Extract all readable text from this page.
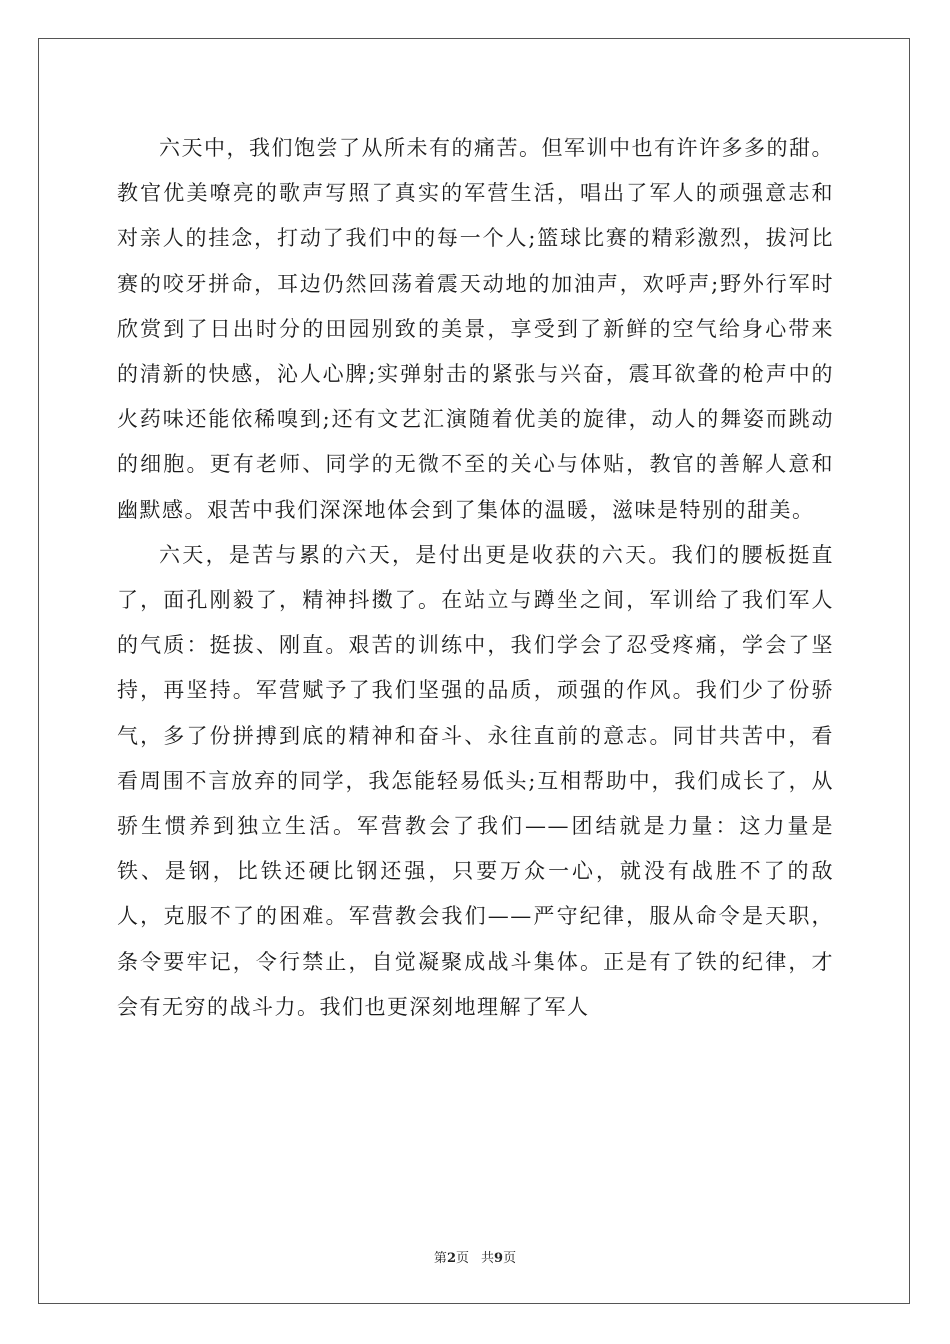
六天中，我们饱尝了从所未有的痛苦。但军训中也有许许多多的甜。教官优美嘹亮的歌声写照了真实的军营生活，唱出了军人的顽强意志和对亲人的挂念，打动了我们中的每一个人;篮球比赛的精彩激烈，拔河比赛的咬牙拼命，耳边仍然回荡着震天动地的加油声，欢呼声;野外行军时欣赏到了日出时分的田园别致的美景，享受到了新鲜的空气给身心带来的清新的快感，沁人心脾;实弹射击的紧张与兴奋，震耳欲聋的枪声中的火药味还能依稀嗅到;还有文艺汇演随着优美的旋律，动人的舞姿而跳动的细胞。更有老师、同学的无微不至的关心与体贴，教官的善解人意和幽默感。艰苦中我们深深地体会到了集体的温暖，滋味是特别的甜美。

六天，是苦与累的六天，是付出更是收获的六天。我们的腰板挺直了，面孔刚毅了，精神抖擞了。在站立与蹲坐之间，军训给了我们军人的气质：挺拔、刚直。艰苦的训练中，我们学会了忍受疼痛，学会了坚持，再坚持。军营赋予了我们坚强的品质，顽强的作风。我们少了份骄气，多了份拼搏到底的精神和奋斗、永往直前的意志。同甘共苦中，看看周围不言放弃的同学，我怎能轻易低头;互相帮助中，我们成长了，从骄生惯养到独立生活。军营教会了我们——团结就是力量：这力量是铁、是钢，比铁还硬比钢还强，只要万众一心，就没有战胜不了的敌人，克服不了的困难。军营教会我们——严守纪律，服从命令是天职，条令要牢记，令行禁止，自觉凝聚成战斗集体。正是有了铁的纪律，才会有无穷的战斗力。我们也更深刻地理解了军人

第2页 共9页
